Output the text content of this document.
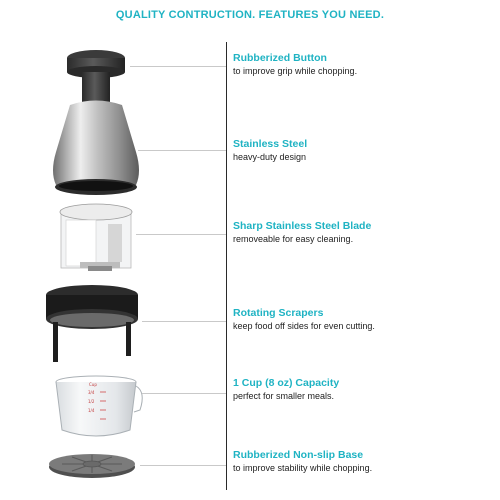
QUALITY CONTRUCTION. FEATURES YOU NEED.
Cup
3/4
1/2
1/4
Rubberized Button
to improve grip while chopping.
Stainless Steel
heavy-duty design
Sharp Stainless Steel Blade
removeable for easy cleaning.
Rotating Scrapers
keep food off sides for even cutting.
1 Cup (8 oz) Capacity
perfect for smaller meals.
Rubberized Non-slip Base
to improve stability while chopping.
